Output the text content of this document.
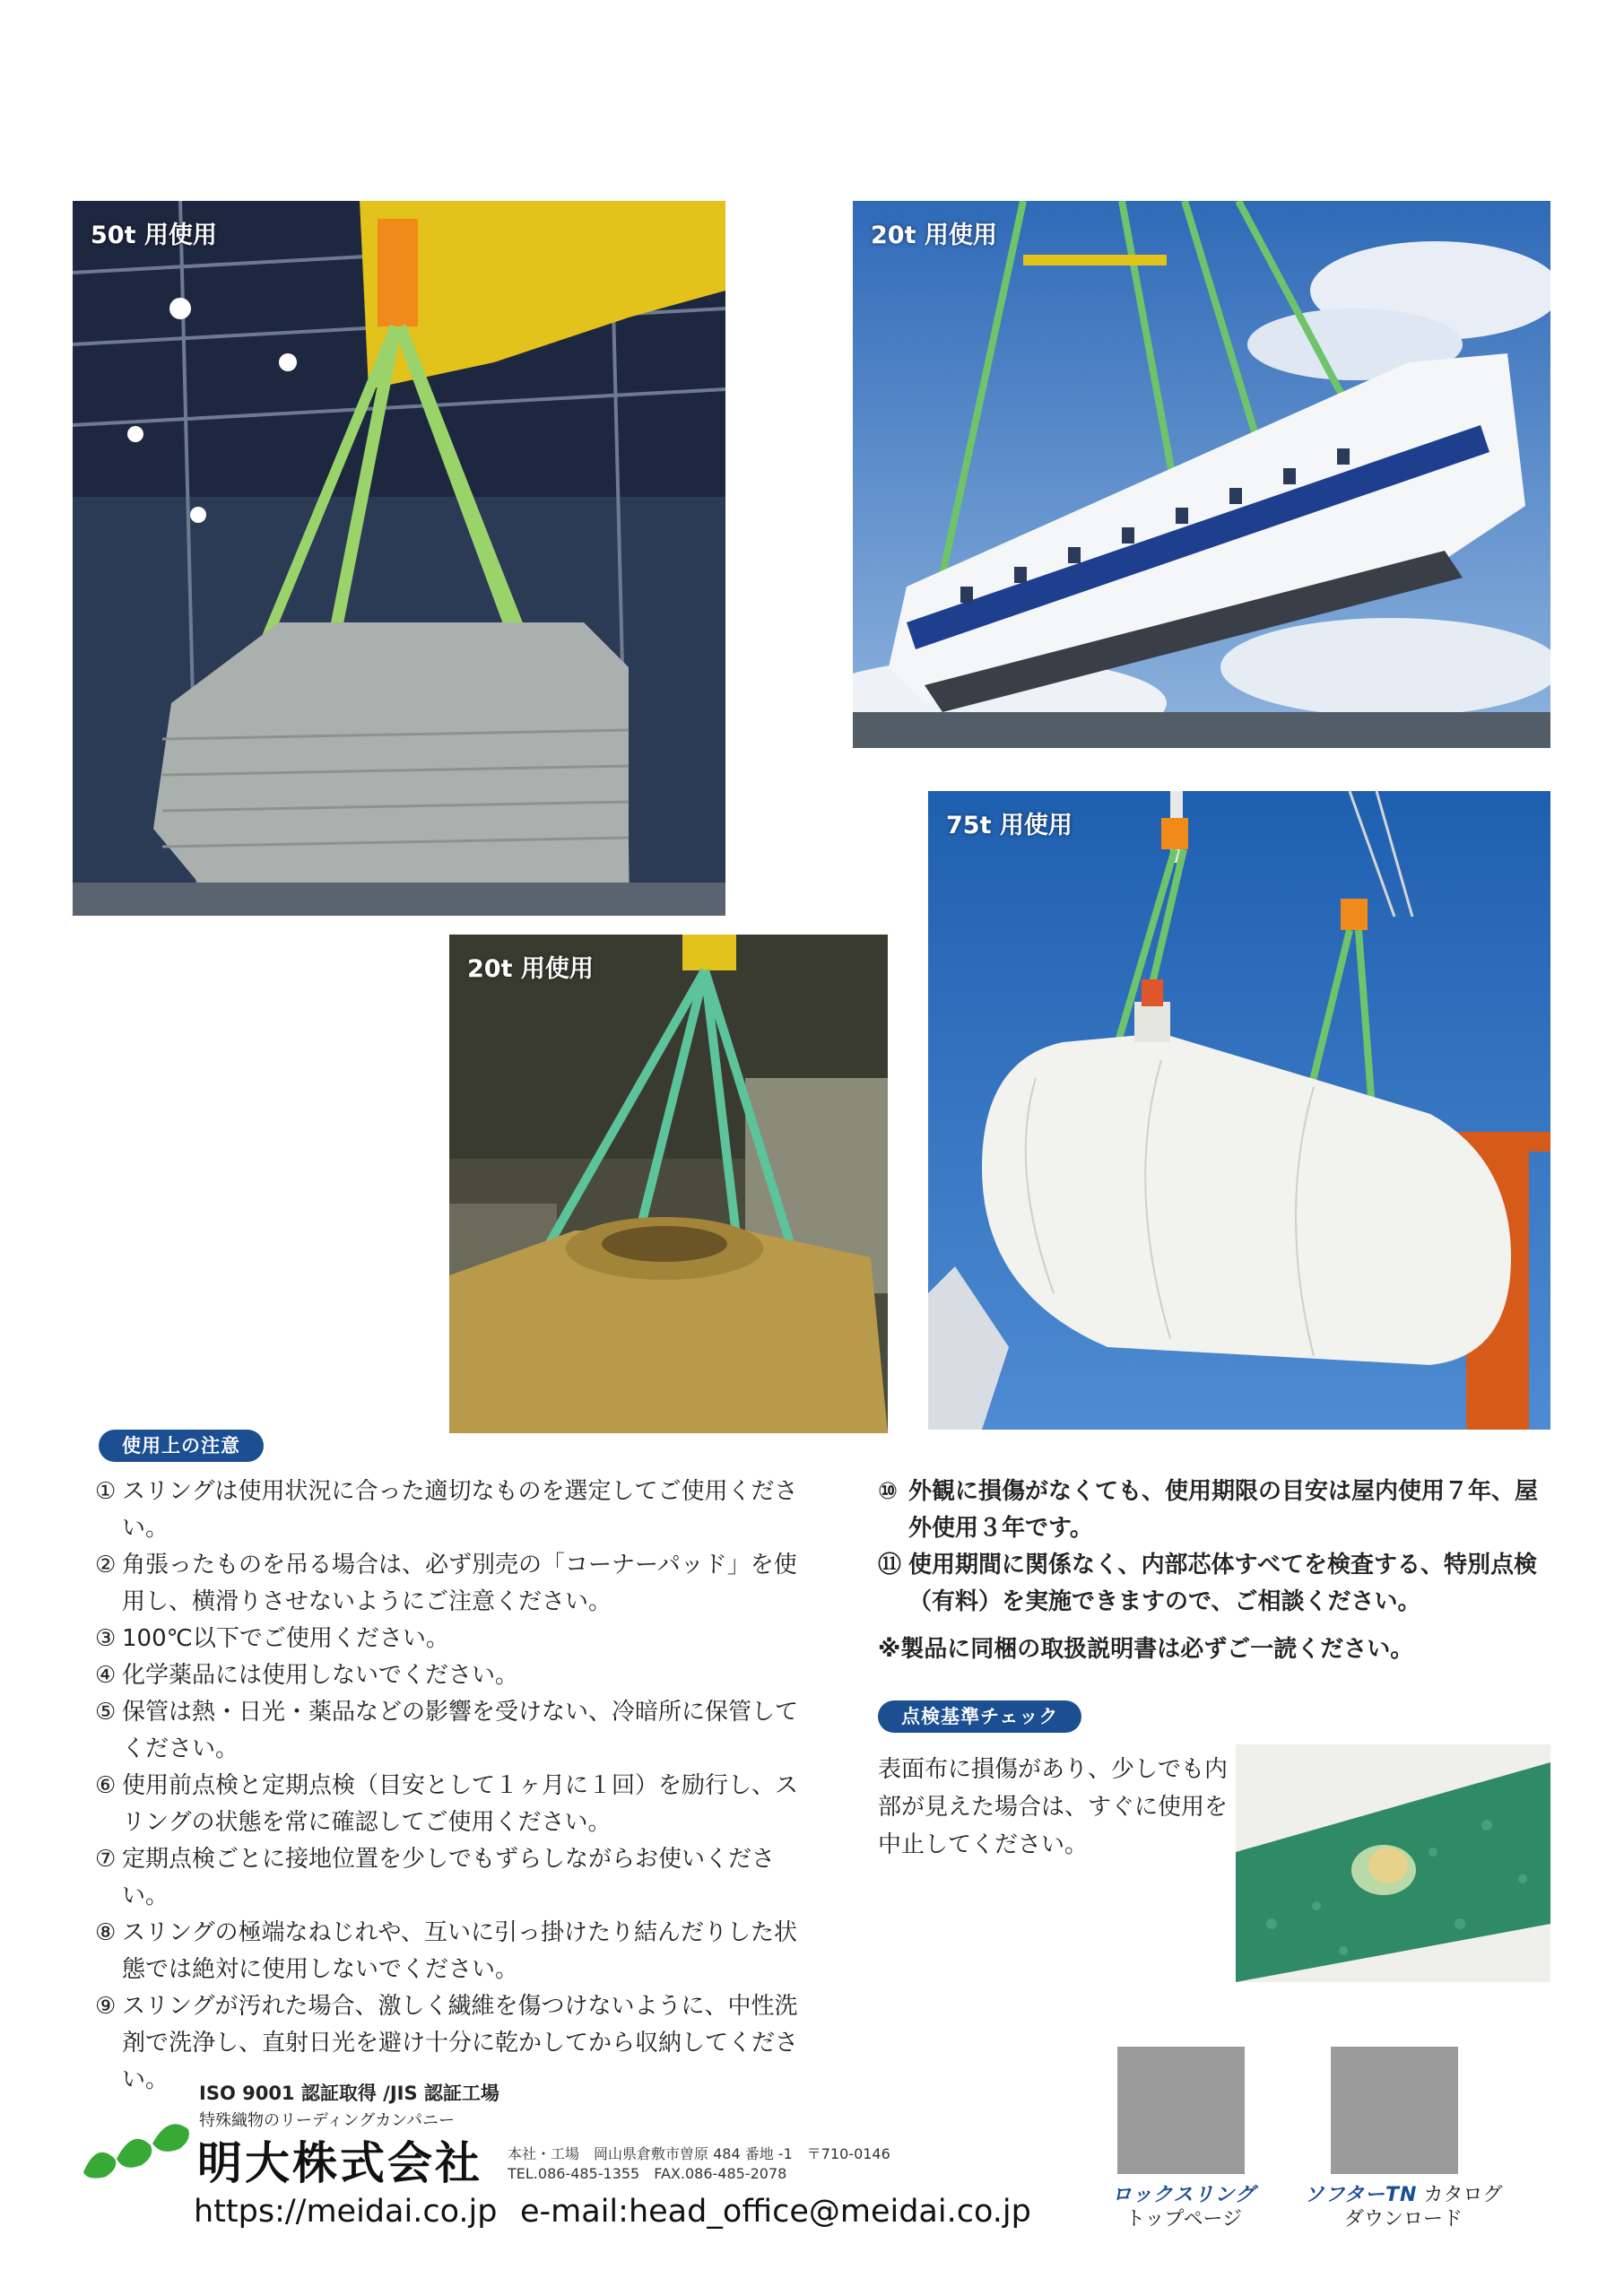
50t 用使用	20t 用使用
20t 用使用
75t 用使用
使用上の注意
① スリングは使用状況に合った適切なものを選定してご使用ください。
② 角張ったものを吊る場合は、必ず別売の「コーナーパッド」を使用し、横滑りさせないようにご注意ください。
③ 100℃以下でご使用ください。
④ 化学薬品には使用しないでください。
⑤ 保管は熱・日光・薬品などの影響を受けない、冷暗所に保管してください。
⑥ 使用前点検と定期点検（目安として１ヶ月に１回）を励行し、スリングの状態を常に確認してご使用ください。
⑦ 定期点検ごとに接地位置を少しでもずらしながらお使いください。
⑧ スリングの極端なねじれや、互いに引っ掛けたり結んだりした状態では絶対に使用しないでください。
⑨ スリングが汚れた場合、激しく繊維を傷つけないように、中性洗剤で洗浄し、直射日光を避け十分に乾かしてから収納してください。
⑩ 外観に損傷がなくても、使用期限の目安は屋内使用７年、屋外使用３年です。
⑪ 使用期間に関係なく、内部芯体すべてを検査する、特別点検（有料）を実施できますので、ご相談ください。
※製品に同梱の取扱説明書は必ずご一読ください。
点検基準チェック
表面布に損傷があり、少しでも内部が見えた場合は、すぐに使用を中止してください。
ISO 9001 認証取得 /JIS 認証工場
特殊織物のリーディングカンパニー
明大株式会社 本社・工場　岡山県倉敷市曽原 484 番地 -1　〒710-0146
TEL.086-485-1355　FAX.086-485-2078
https://meidai.co.jp e-mail:head_office@meidai.co.jp	ロックスリング
トップページ
ソフターTN カタログ
ダウンロード
